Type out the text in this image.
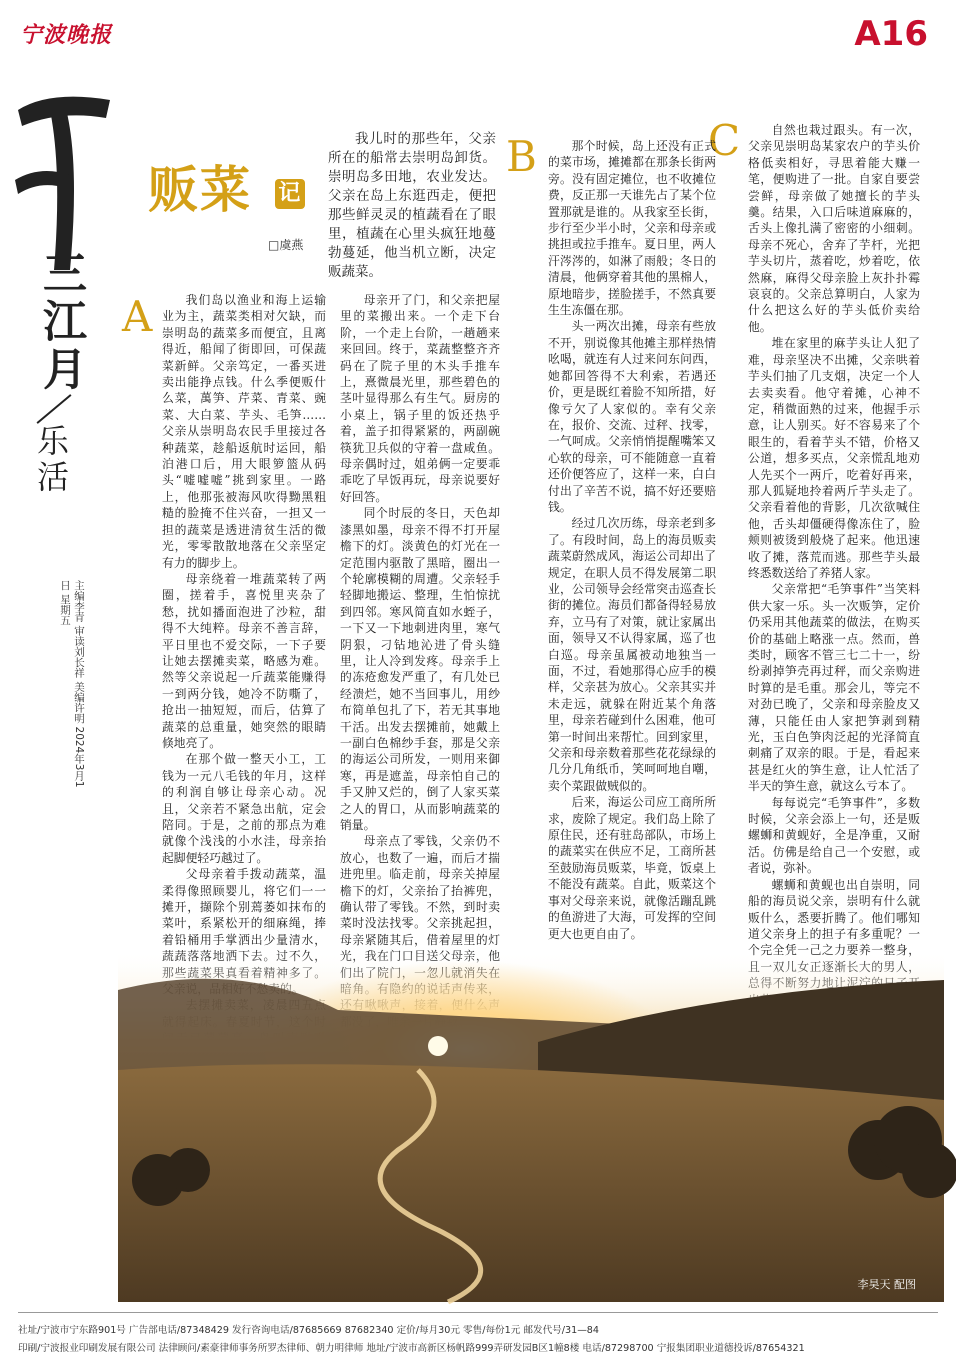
宁波晚报	A16
三江月
乐活
主编李青 审读刘长祥 美编许明 2024年3月1日 星期五
贩菜 记
□虞燕
我儿时的那些年，父亲所在的船常去崇明岛卸货。崇明岛多田地，农业发达。父亲在岛上东逛西走，便把那些鲜灵灵的植蔬看在了眼里，植蔬在心里头疯狂地蔓勃蔓延，他当机立断，决定贩蔬菜。
A
B	C

我们岛以渔业和海上运输业为主，蔬菜类相对欠缺，而崇明岛的蔬菜多而便宜，且离得近，船闻了街即回，可保蔬菜新鲜。父亲笃定，一番买进卖出能挣点钱。什么季便贩什么菜，萬笋、芹菜、青菜、豌菜、大白菜、芋头、毛笋……父亲从崇明岛农民手里接过各种蔬菜，趁船返航时运回，船泊港口后，用大眼箩篮从码头“嘘嘘嘘”挑到家里。一路上，他那张被海风吹得黝黑粗糙的脸掩不住兴奋，一担又一担的蔬菜是透进清贫生活的微光，零零散散地落在父亲坚定有力的脚步上。

母亲绕着一堆蔬菜转了两圈，搓着手，喜悦里夹杂了愁，扰如播面泡进了沙粒，甜得不大纯粹。母亲不善言辞，平日里也不爱交际，一下子要让她去摆摊卖菜，略感为难。然等父亲说起一斤蔬菜能赚得一到两分钱，她冷不防嘶了，抢出一抽短短，而后，估算了蔬菜的总重量，她突然的眼睛倏地亮了。

在那个做一整天小工，工钱为一元八毛钱的年月，这样的利润自够让母亲心动。况且，父亲若不紧急出航，定会陪同。于是，之前的那点为难就像个浅浅的小水洼，母亲抬起脚便轻巧越过了。

父母亲着手拨动蔬菜，温柔得像照顾婴儿，将它们一一摊开，撷除个别蔫萎如抹布的菜叶，系紧松开的细麻绳，捧着铅桶用手掌洒出少量清水，

母亲开了门，和父亲把屋里的菜搬出来。一个走下台阶，一个走上台阶，一趟趟来来回回。终于，菜蔬整整齐齐码在了院子里的木头手推车上，熹微晨光里，那些碧色的茎叶显得那么有生气。厨房的小桌上，锅子里的饭还热乎着，盖子扣得紧紧的，两副碗筷犹卫兵似的守着一盘咸鱼。母亲偶时过，姐弟俩一定要乖乖吃了早饭再玩，母亲说要好好回答。

同个时辰的冬日，天色却漆黑如墨，母亲不得不打开屋檐下的灯。淡黄色的灯光在一定范围内驱散了黑暗，圈出一个轮廓模糊的周遭。父亲轻手轻脚地搬运、整理，生怕惊扰到四邻。寒风简直如水蛭子，一下又一下地刺进肉里，寒气阴狠，刁钻地沁进了骨头缝里，让人冷到发疼。母亲手上的冻疮愈发严重了，有几处已经溃烂，她不当回事儿，用纱布简单包扎了下，若无其事地干活。出发去摆摊前，她戴上一副白色棉纱手套，那是父亲的海运公司所发，一则用来御寒，再是遮盖，母亲怕自己的手又肿又烂的，倒了人家买菜之人的胃口，从而影响蔬菜的销量。

母亲点了零钱，父亲仍不放心，也数了一遍，而后才揣进兜里。临走前，母亲关掉屋檐下的灯，父亲抬了抬裤兜，确认带了零钱。不然，到时卖菜时没法找零。父亲挑起担，母亲紧随其后，借着屋里的灯

那个时候，岛上还没有正式的菜市场，摊摊都在那条长街两旁。没有固定摊位，也不收摊位费，反正那一天谁先占了某个位置那就是谁的。从我家至长街，步行至少半小时，父亲和母亲或挑担或拉手推车。夏日里，两人汗涔涔的，如淋了雨般；冬日的清晨，他俩穿着其他的黑棉人，原地暗步，搓脸搓手，不然真要生生冻僵在那。

头一两次出摊，母亲有些放不开，别说像其他摊主那样热情吆喝，就连有人过来问东问西，她都回答得不大利索，若遇还价，更是既红着脸不知所措，好像亏欠了人家似的。幸有父亲在，报价、交流、过秤、找零，一气呵成。父亲悄悄提醒嘴笨又心软的母亲，可不能随意一直着还价便答应了，这样一来，白白付出了辛苦不说，搞不好还要赔钱。

经过几次历练，母亲老到多了。有段时间，岛上的海员贩卖蔬菜蔚然成风，海运公司却出了规定，在职人员不得发展第二职业，公司领导会经常突击巡查长街的摊位。海员们都备得轻易放弃，立马有了对策，就让家属出面，领导又不认得家属，巡了也白巡。母亲虽属被动地独当一面，不过，看她那得心应手的模样，父亲甚为放心。父亲其实并未走远，就躲在附近某个角落里，母亲若碰到什么困难，他可第一时间出来帮忙。回到家里，父亲和母亲数着那些花花绿绿的几分几角纸币，笑呵呵地自嘲，卖个菜跟做贼似的。

后来，海运公司应工商所所求，废除了规定。我们岛上除了原住民，还有驻岛部队，市场上的蔬菜实在供应不足，工商所甚至鼓励海员贩菜，毕竟，饭桌上不能没有蔬菜。自此，贩菜这个事对父母亲来说，就像活蹦乱跳的鱼游进了大海，可发挥的空间更大也更自由了。

自然也栽过跟头。有一次，父亲见崇明岛某家农户的芋头价格低卖相好，寻思着能大赚一笔，便购进了一批。自家自要尝尝鲜，母亲做了她擅长的芋头羹。结果，入口后味道麻麻的，舌头上像扎满了密密的小细刺。母亲不死心，舍弃了芋杆，光把芋头切片，蒸着吃，炒着吃，依然麻，麻得父母亲脸上灰扑扑霉哀哀的。父亲总算明白，人家为什么把这么好的芋头低价卖给他。

堆在家里的麻芋头让人犯了难，母亲坚决不出摊，父亲哄着芋头们抽了几支烟，决定一个人去卖卖看。他守着摊，心神不定，稍微面熟的过来，他握手示意，让人别买。好不容易来了个眼生的，看着芋头不错，价格又公道，想多买点，父亲慌乱地劝人先买个一两斤，吃着好再来，那人狐疑地拎着两斤芋头走了。父亲看着他的背影，几次欲喊住他，舌头却僵硬得像冻住了，脸颊则被烫到般烧了起来。他迅速收了摊，落荒而逃。那些芋头最终悉数送给了养猪人家。

父亲常把“毛笋事件”当笑料供大家一乐。头一次贩笋，定价仍采用其他蔬菜的做法，在购买价的基础上略涨一点。然而，兽类时，顾客不管三七二十一，纷纷剥掉笋壳再过秤，而父亲购进时算的是毛重。那会儿，等完不对劲已晚了，父亲和母亲脸皮又薄，只能任由人家把笋剥到精光，玉白色笋肉泛起的光泽简直刺痛了双亲的眼。于是，看起来甚是红火的笋生意，让人忙活了半天的笋生意，就这么亏本了。

每每说完“毛笋事件”，多数时候，父亲会添上一句，还是贩螺蛳和黄蚬好，全是净重，又耐活。仿佛是给自己一个安慰，或者说，弥补。

螺蛳和黄蚬也出自崇明，同船的海员说父亲，崇明有什么就贩什么，悉要折腾了。他们哪知道父亲身上的担子有多重呢？一

李昊天 配图
社址/宁波市宁东路901号 广告部电话/87348429 发行咨询电话/87685669 87682340 定价/每月30元 零售/每份1元 邮发代号/31—84
印刷/宁波报业印刷发展有限公司 法律顾问/素豪律师事务所罗杰律师、朝力明律师 地址/宁波市高新区杨帆路999弄研发园B区1幢8楼 电话/87298700 宁报集团职业道德投诉/87654321
